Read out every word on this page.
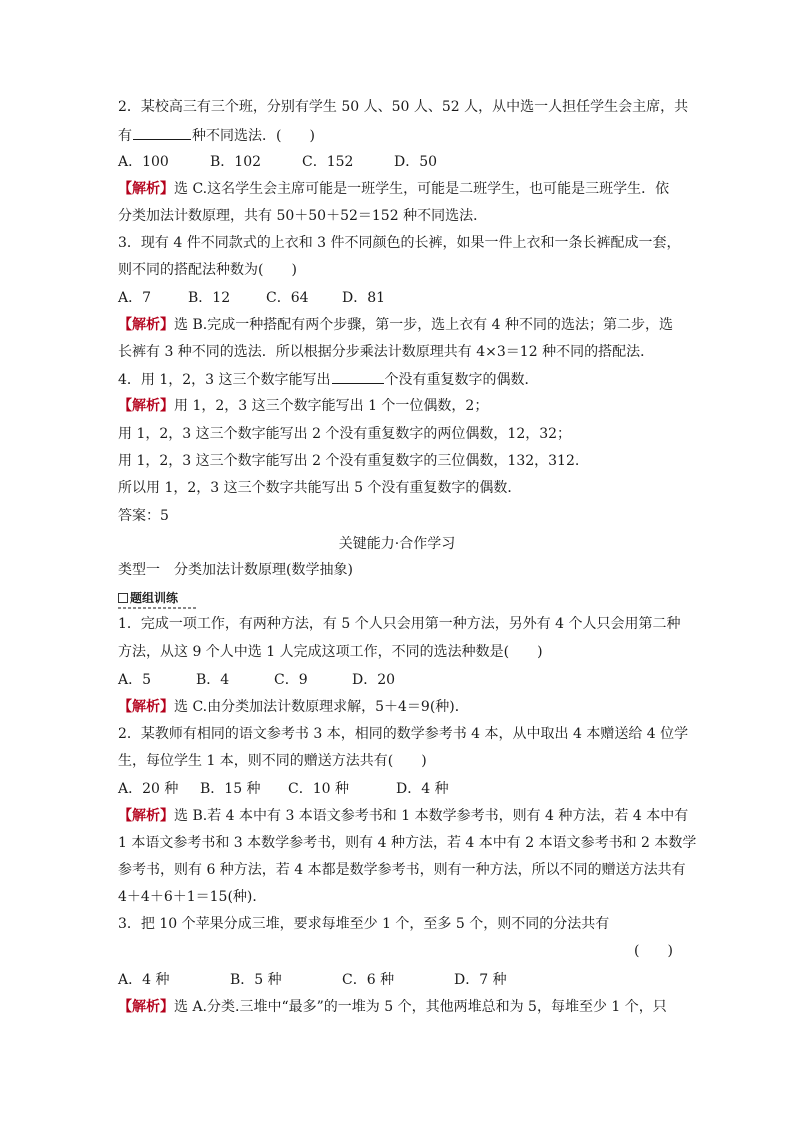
2．某校高三有三个班，分别有学生 50 人、50 人、52 人，从中选一人担任学生会主席，共
有	种不同选法．(　　)
A．100	B．102	C．152	D．50
【解析】选 C.这名学生会主席可能是一班学生，可能是二班学生，也可能是三班学生．依
分类加法计数原理，共有 50＋50＋52＝152 种不同选法．
3．现有 4 件不同款式的上衣和 3 件不同颜色的长裤，如果一件上衣和一条长裤配成一套，
则不同的搭配法种数为(　　)
A．7	B．12	C．64 D．81
【解析】选 B.完成一种搭配有两个步骤，第一步，选上衣有 4 种不同的选法；第二步，选
长裤有 3 种不同的选法．所以根据分步乘法计数原理共有 4×3＝12 种不同的搭配法．
4．用 1，2，3 这三个数字能写出	个没有重复数字的偶数．
【解析】用 1，2，3 这三个数字能写出 1 个一位偶数，2；
用 1，2，3 这三个数字能写出 2 个没有重复数字的两位偶数，12，32；
用 1，2，3 这三个数字能写出 2 个没有重复数字的三位偶数，132，312.
所以用 1，2，3 这三个数字共能写出 5 个没有重复数字的偶数．
答案：5
关键能力·合作学习
类型一　分类加法计数原理(数学抽象)
题组训练
1．完成一项工作，有两种方法，有 5 个人只会用第一种方法，另外有 4 个人只会用第二种
方法，从这 9 个人中选 1 人完成这项工作，不同的选法种数是(　　)
A．5	B．4	C．9	D．20
【解析】选 C.由分类加法计数原理求解，5＋4＝9(种)．
2．某教师有相同的语文参考书 3 本，相同的数学参考书 4 本，从中取出 4 本赠送给 4 位学
生，每位学生 1 本，则不同的赠送方法共有(　　)
A．20 种 B．15 种 C．10 种	D．4 种
【解析】选 B.若 4 本中有 3 本语文参考书和 1 本数学参考书，则有 4 种方法，若 4 本中有
1 本语文参考书和 3 本数学参考书，则有 4 种方法，若 4 本中有 2 本语文参考书和 2 本数学
参考书，则有 6 种方法，若 4 本都是数学参考书，则有一种方法，所以不同的赠送方法共有
4＋4＋6＋1＝15(种)．
3．把 10 个苹果分成三堆，要求每堆至少 1 个，至多 5 个，则不同的分法共有
(　　)
A．4 种	B．5 种	C．6 种	D．7 种
【解析】选 A.分类.三堆中“最多”的一堆为 5 个，其他两堆总和为 5，每堆至少 1 个，只
